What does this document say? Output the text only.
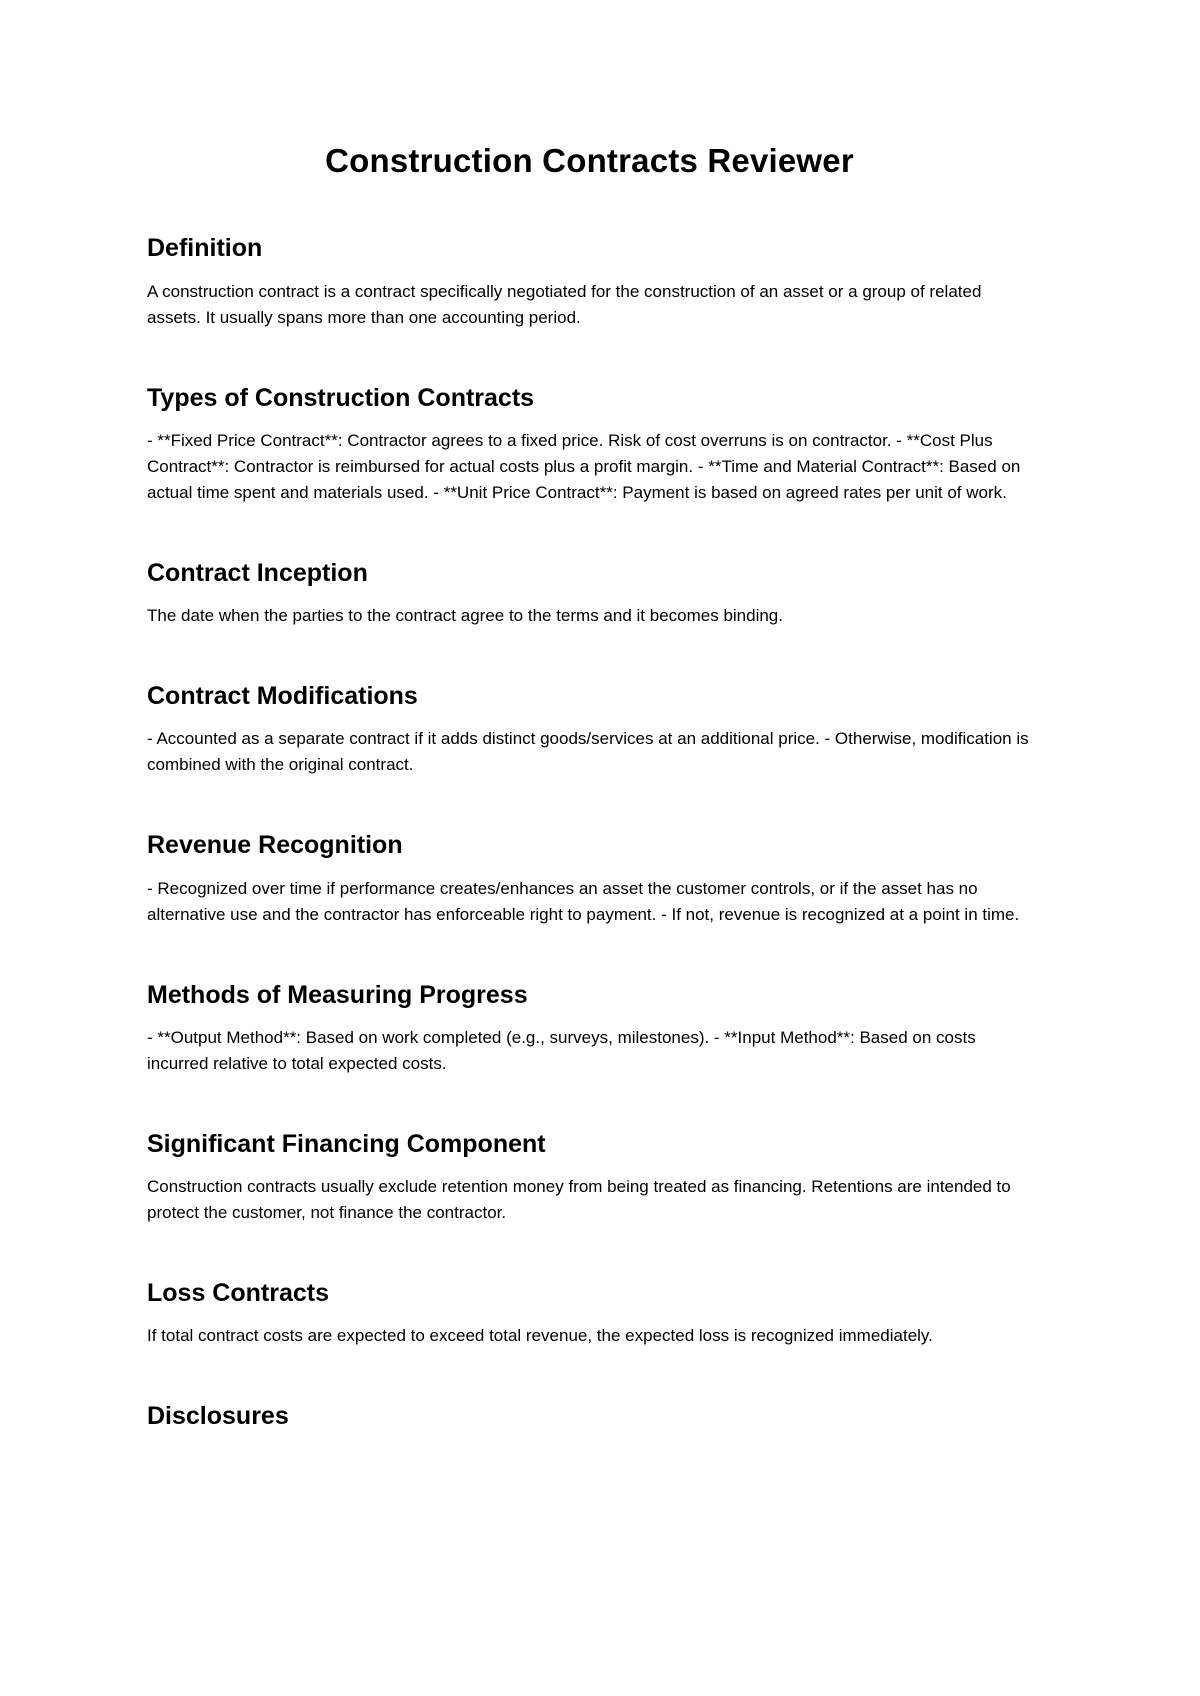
Construction Contracts Reviewer
Definition

A construction contract is a contract specifically negotiated for the construction of an asset or a group of related assets. It usually spans more than one accounting period.

Types of Construction Contracts

- **Fixed Price Contract**: Contractor agrees to a fixed price. Risk of cost overruns is on contractor. - **Cost Plus Contract**: Contractor is reimbursed for actual costs plus a profit margin. - **Time and Material Contract**: Based on actual time spent and materials used. - **Unit Price Contract**: Payment is based on agreed rates per unit of work.

Contract Inception

The date when the parties to the contract agree to the terms and it becomes binding.

Contract Modifications

- Accounted as a separate contract if it adds distinct goods/services at an additional price. - Otherwise, modification is combined with the original contract.

Revenue Recognition

- Recognized over time if performance creates/enhances an asset the customer controls, or if the asset has no alternative use and the contractor has enforceable right to payment. - If not, revenue is recognized at a point in time.

Methods of Measuring Progress

- **Output Method**: Based on work completed (e.g., surveys, milestones). - **Input Method**: Based on costs incurred relative to total expected costs.

Significant Financing Component

Construction contracts usually exclude retention money from being treated as financing. Retentions are intended to protect the customer, not finance the contractor.

Loss Contracts

If total contract costs are expected to exceed total revenue, the expected loss is recognized immediately.

Disclosures
